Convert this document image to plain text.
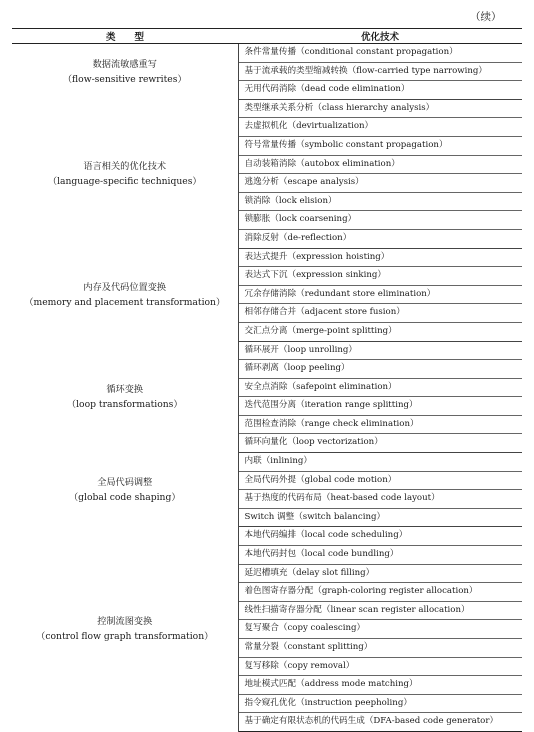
（续）
类　　型	优化技术

数据流敏感重写
（flow-sensitive rewrites）	条件常量传播（conditional constant propagation）
	基于流承载的类型缩减转换（flow-carried type narrowing）
	无用代码消除（dead code elimination）

语言相关的优化技术
（language-specific techniques）	类型继承关系分析（class hierarchy analysis）
	去虚拟机化（devirtualization）
	符号常量传播（symbolic constant propagation）
	自动装箱消除（autobox elimination）
	逃逸分析（escape analysis）
	锁消除（lock elision）
	锁膨胀（lock coarsening）
	消除反射（de-reflection）

内存及代码位置变换
（memory and placement transformation）	表达式提升（expression hoisting）
	表达式下沉（expression sinking）
	冗余存储消除（redundant store elimination）
	相邻存储合并（adjacent store fusion）
	交汇点分离（merge-point splitting）

循环变换
（loop transformations）	循环展开（loop unrolling）
	循环剥离（loop peeling）
	安全点消除（safepoint elimination）
	迭代范围分离（iteration range splitting）
	范围检查消除（range check elimination）
	循环向量化（loop vectorization）

全局代码调整
（global code shaping）	内联（inlining）
	全局代码外提（global code motion）
	基于热度的代码布局（heat-based code layout）
	Switch 调整（switch balancing）

控制流图变换
（control flow graph transformation）	本地代码编排（local code scheduling）
	本地代码封包（local code bundling）
	延迟槽填充（delay slot filling）
	着色图寄存器分配（graph-coloring register allocation）
	线性扫描寄存器分配（linear scan register allocation）
	复写聚合（copy coalescing）
	常量分裂（constant splitting）
	复写移除（copy removal）
	地址模式匹配（address mode matching）
	指令窥孔优化（instruction peepholing）
	基于确定有限状态机的代码生成（DFA-based code generator）
